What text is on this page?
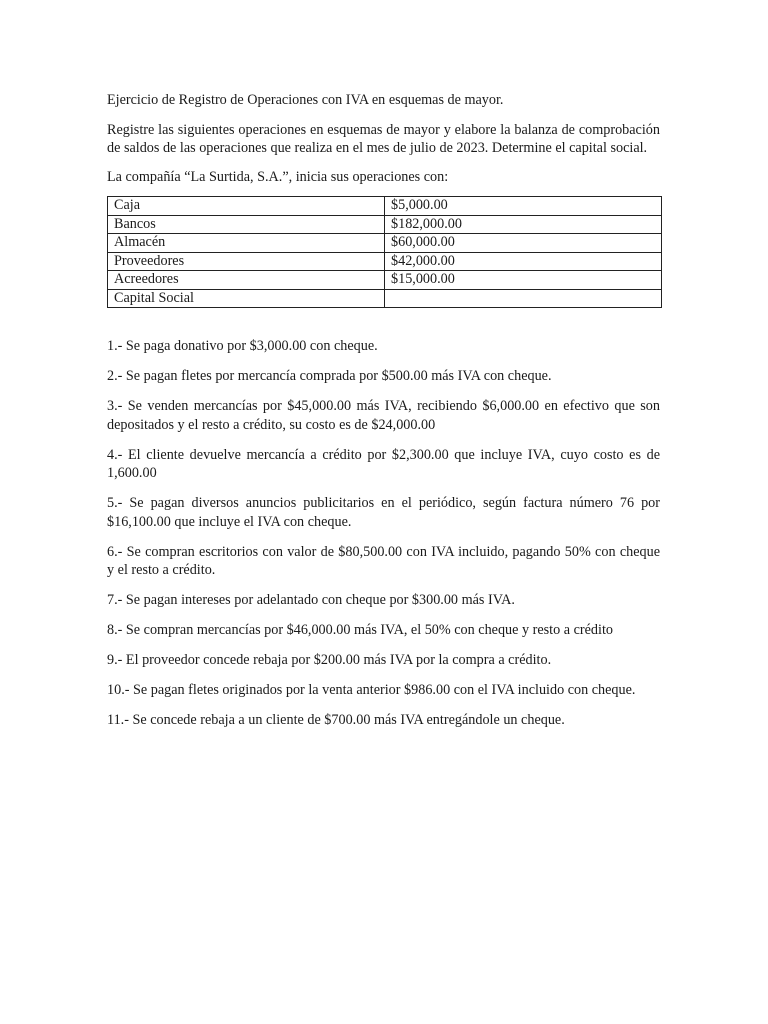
Ejercicio de Registro de Operaciones con IVA en esquemas de mayor.

Registre las siguientes operaciones en esquemas de mayor y elabore la balanza de comprobación de saldos de las operaciones que realiza en el mes de julio de 2023. Determine el capital social.

La compañía “La Surtida, S.A.”, inicia sus operaciones con:

Caja	$5,000.00
Bancos	$182,000.00
Almacén	$60,000.00
Proveedores	$42,000.00
Acreedores	$15,000.00
Capital Social	

1.- Se paga donativo por $3,000.00 con cheque.

2.- Se pagan fletes por mercancía comprada por $500.00 más IVA con cheque.

3.- Se venden mercancías por $45,000.00 más IVA, recibiendo $6,000.00 en efectivo que son depositados y el resto a crédito, su costo es de $24,000.00

4.- El cliente devuelve mercancía a crédito por $2,300.00 que incluye IVA, cuyo costo es de 1,600.00

5.- Se pagan diversos anuncios publicitarios en el periódico, según factura número 76 por $16,100.00 que incluye el IVA con cheque.

6.- Se compran escritorios con valor de $80,500.00 con IVA incluido, pagando 50% con cheque y el resto a crédito.

7.- Se pagan intereses por adelantado con cheque por $300.00 más IVA.

8.- Se compran mercancías por $46,000.00 más IVA, el 50% con cheque y resto a crédito

9.- El proveedor concede rebaja por $200.00 más IVA por la compra a crédito.

10.- Se pagan fletes originados por la venta anterior $986.00 con el IVA incluido con cheque.

11.- Se concede rebaja a un cliente de $700.00 más IVA entregándole un cheque.
